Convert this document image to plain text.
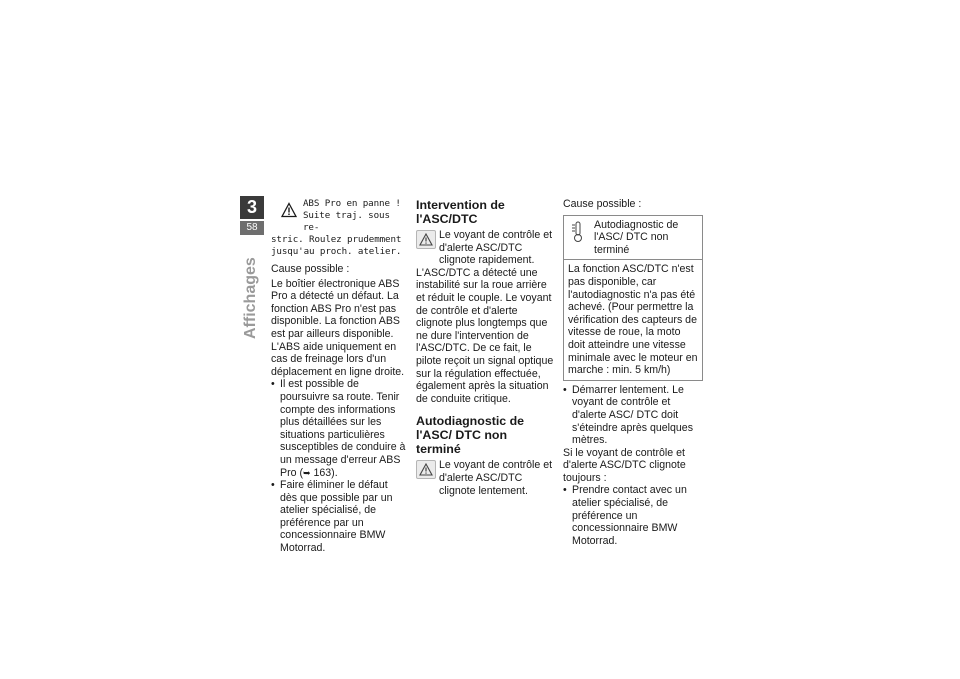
3
58
Affichages
ABS Pro en panne !
Suite traj. sous re-
stric. Roulez prudemment
jusqu'au proch. atelier.

Cause possible :

Le boîtier électronique ABS Pro a détecté un défaut. La fonction ABS Pro n'est pas disponible. La fonction ABS est par ailleurs disponible. L'ABS aide uniquement en cas de freinage lors d'un déplacement en ligne droite.

• Il est possible de poursuivre sa route. Tenir compte des informations plus détaillées sur les situations particulières susceptibles de conduire à un message d'erreur ABS Pro (➥ 163).
• Faire éliminer le défaut dès que possible par un atelier spécialisé, de préférence par un concessionnaire BMW Motorrad.
Intervention de l'ASC/DTC
Le voyant de contrôle et d'alerte ASC/DTC clignote rapidement.

L'ASC/DTC a détecté une instabilité sur la roue arrière et réduit le couple. Le voyant de contrôle et d'alerte clignote plus longtemps que ne dure l'intervention de l'ASC/DTC. De ce fait, le pilote reçoit un signal optique sur la régulation effectuée, également après la situation de conduite critique.

Autodiagnostic de l'ASC/ DTC non terminé
Le voyant de contrôle et d'alerte ASC/DTC clignote lentement.

Cause possible :

Autodiagnostic de l'ASC/ DTC non terminé
La fonction ASC/DTC n'est pas disponible, car l'autodiagnostic n'a pas été achevé. (Pour permettre la vérification des capteurs de vitesse de roue, la moto doit atteindre une vitesse minimale avec le moteur en marche : min. 5 km/h)
• Démarrer lentement. Le voyant de contrôle et d'alerte ASC/ DTC doit s'éteindre après quelques mètres.

Si le voyant de contrôle et d'alerte ASC/DTC clignote toujours :

• Prendre contact avec un atelier spécialisé, de préférence un concessionnaire BMW Motorrad.
